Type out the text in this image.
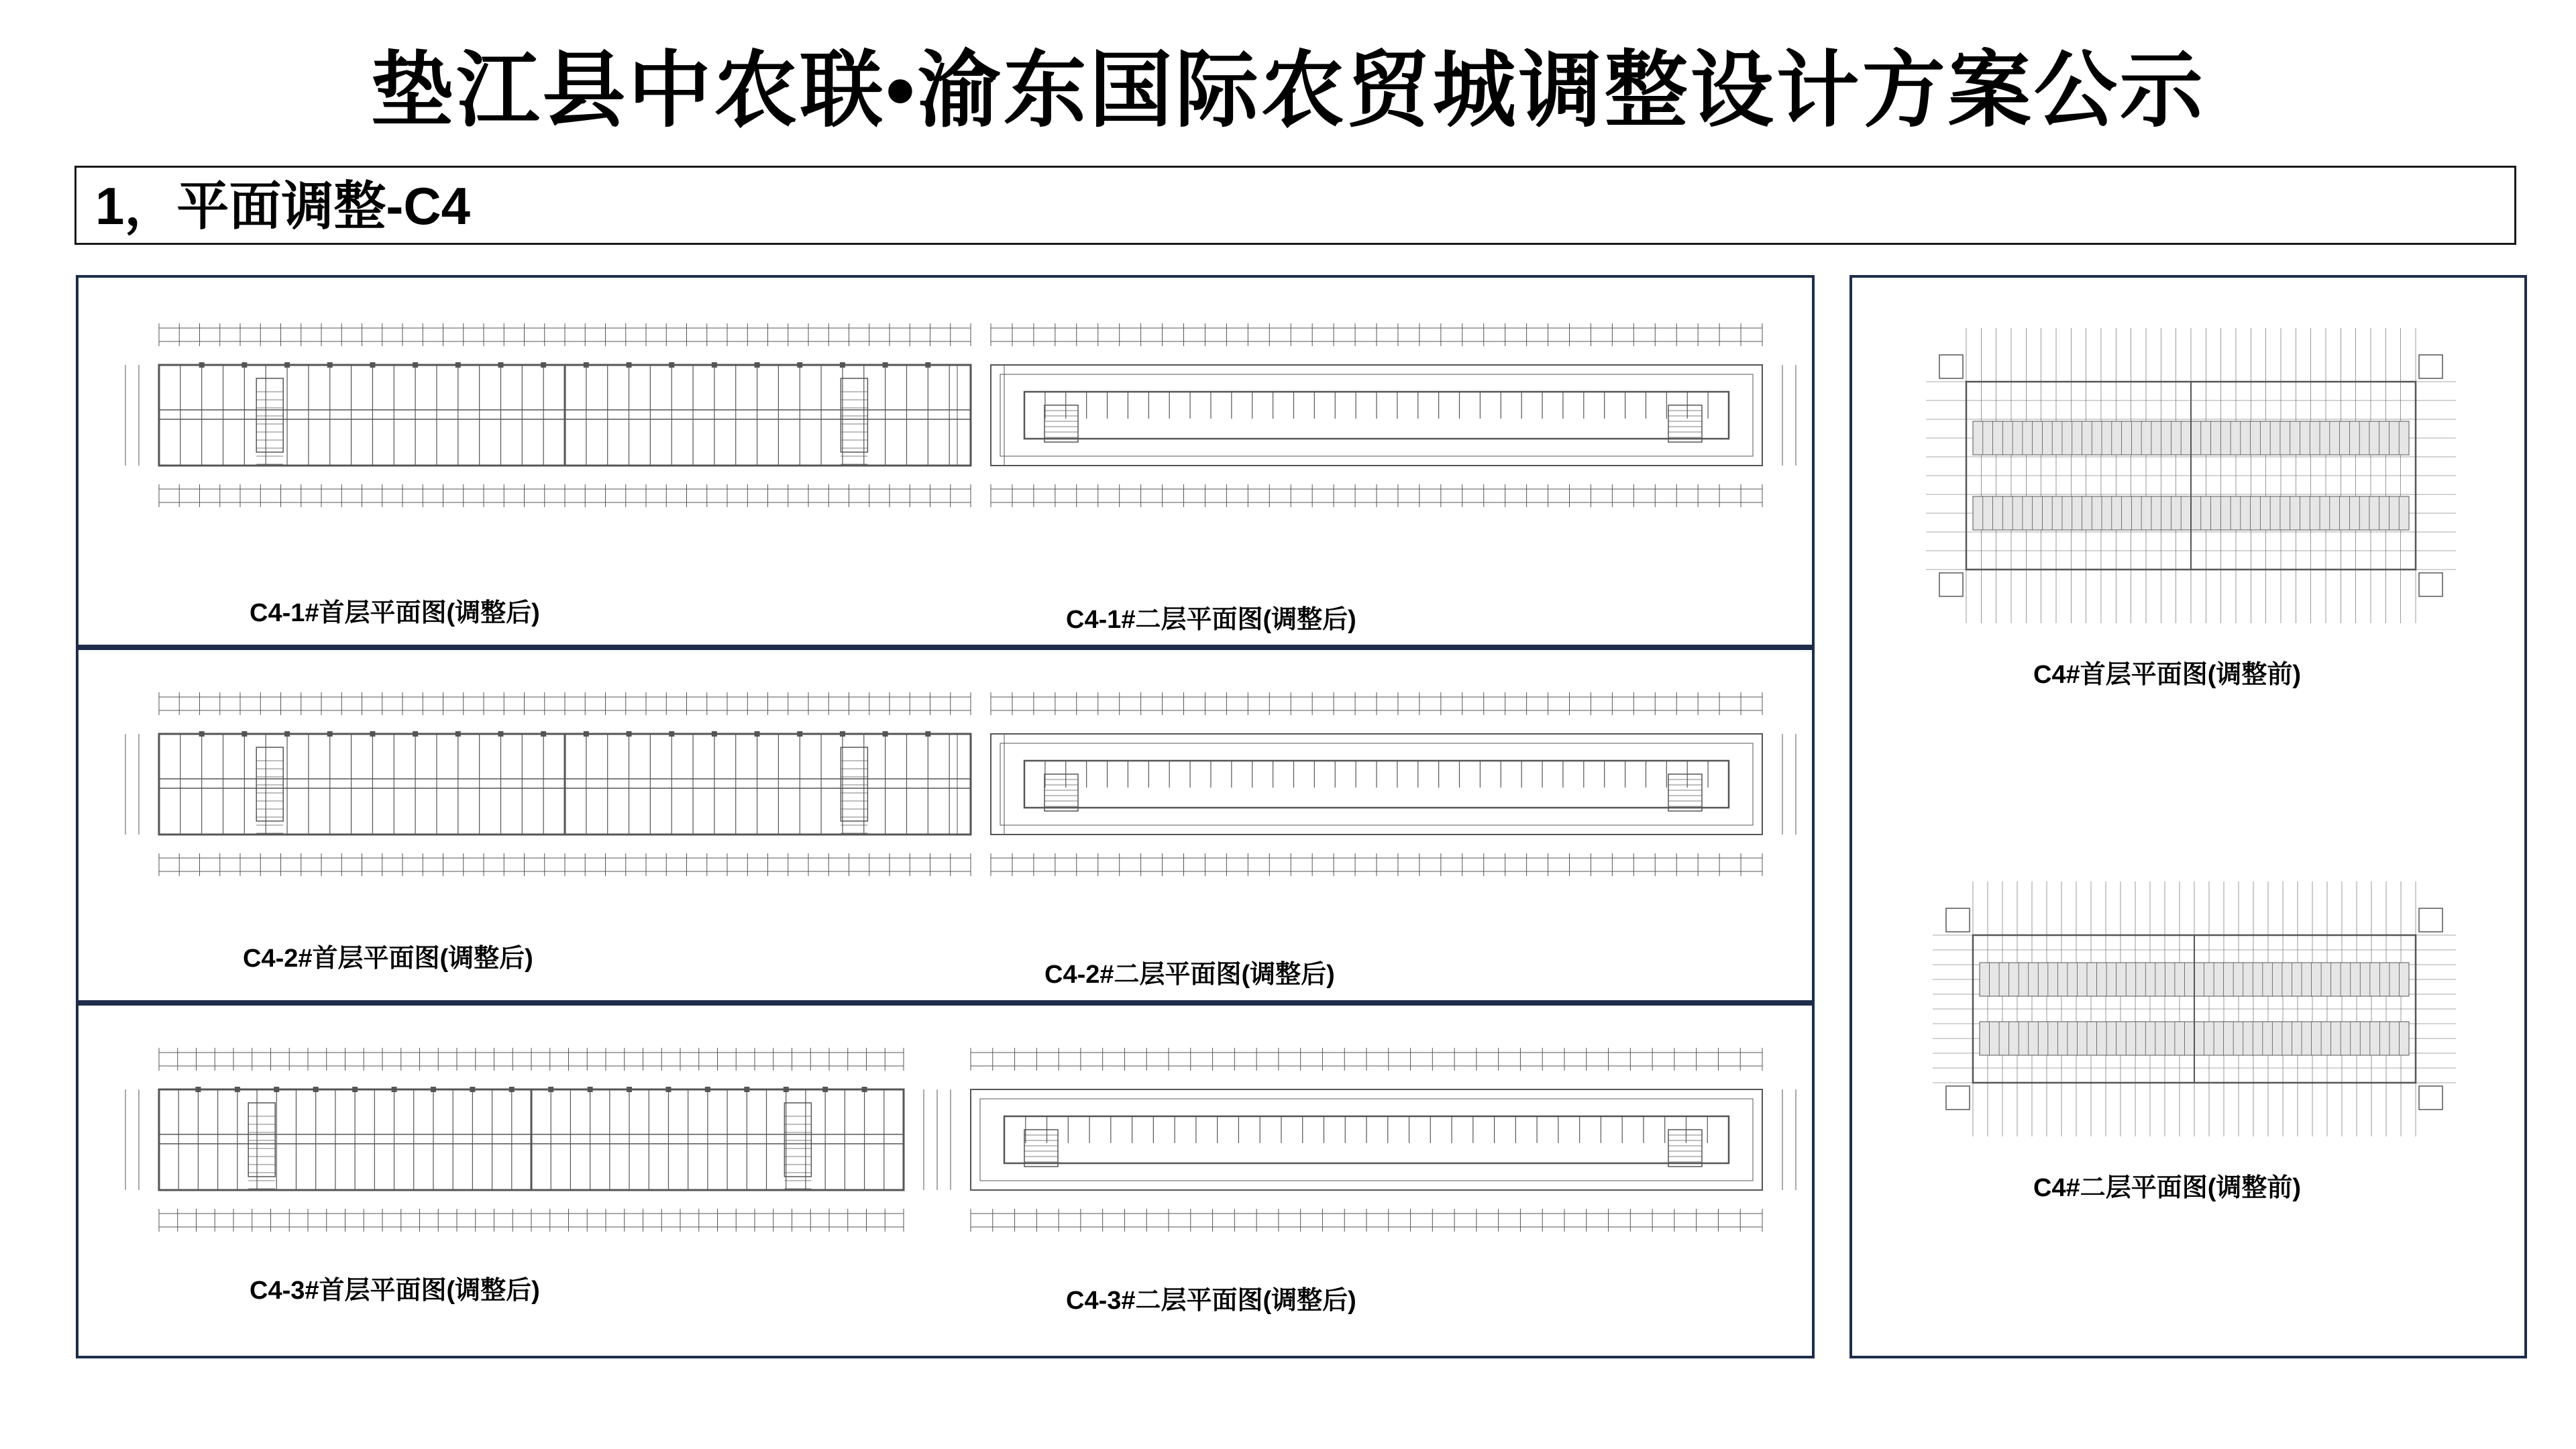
垫江县中农联•渝东国际农贸城调整设计方案公示
1，平面调整-C4
C4-1#首层平面图(调整后)	C4-1#二层平面图(调整后)
C4-2#首层平面图(调整后)
C4-2#二层平面图(调整后)
C4-3#首层平面图(调整后)	C4-3#二层平面图(调整后)
C4#首层平面图(调整前)
C4#二层平面图(调整前)
